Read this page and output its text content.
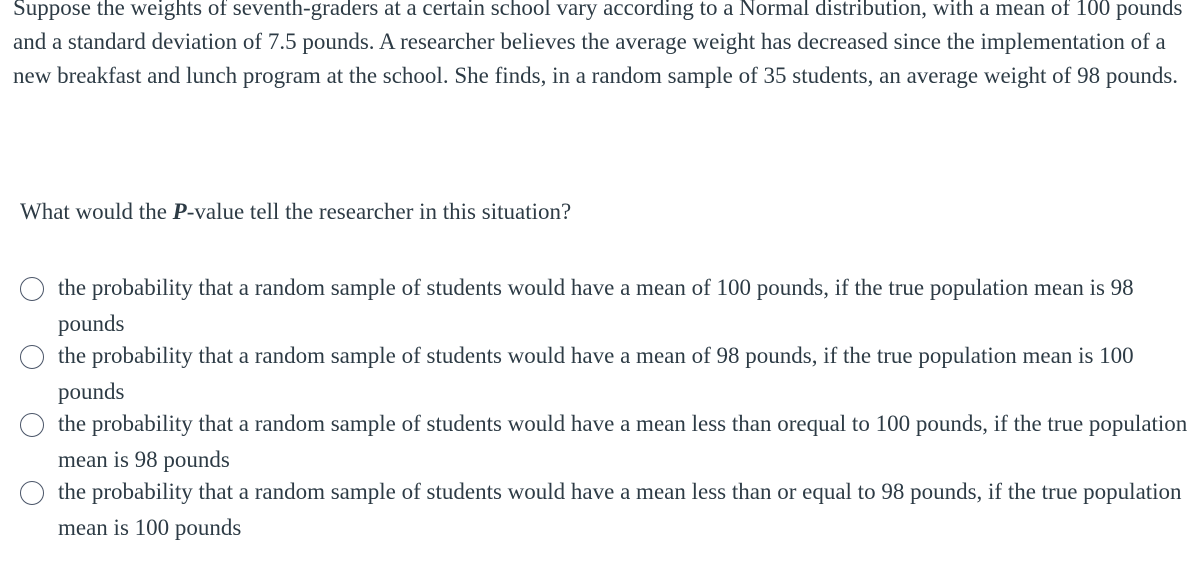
Suppose the weights of seventh-graders at a certain school vary according to a Normal distribution, with a mean of 100 pounds and a standard deviation of 7.5 pounds. A researcher believes the average weight has decreased since the implementation of a new breakfast and lunch program at the school. She finds, in a random sample of 35 students, an average weight of 98 pounds.
What would the P-value tell the researcher in this situation?
the probability that a random sample of students would have a mean of 100 pounds, if the true population mean is 98 pounds
the probability that a random sample of students would have a mean of 98 pounds, if the true population mean is 100 pounds
the probability that a random sample of students would have a mean less than orequal to 100 pounds, if the true population mean is 98 pounds
the probability that a random sample of students would have a mean less than or equal to 98 pounds, if the true population mean is 100 pounds
